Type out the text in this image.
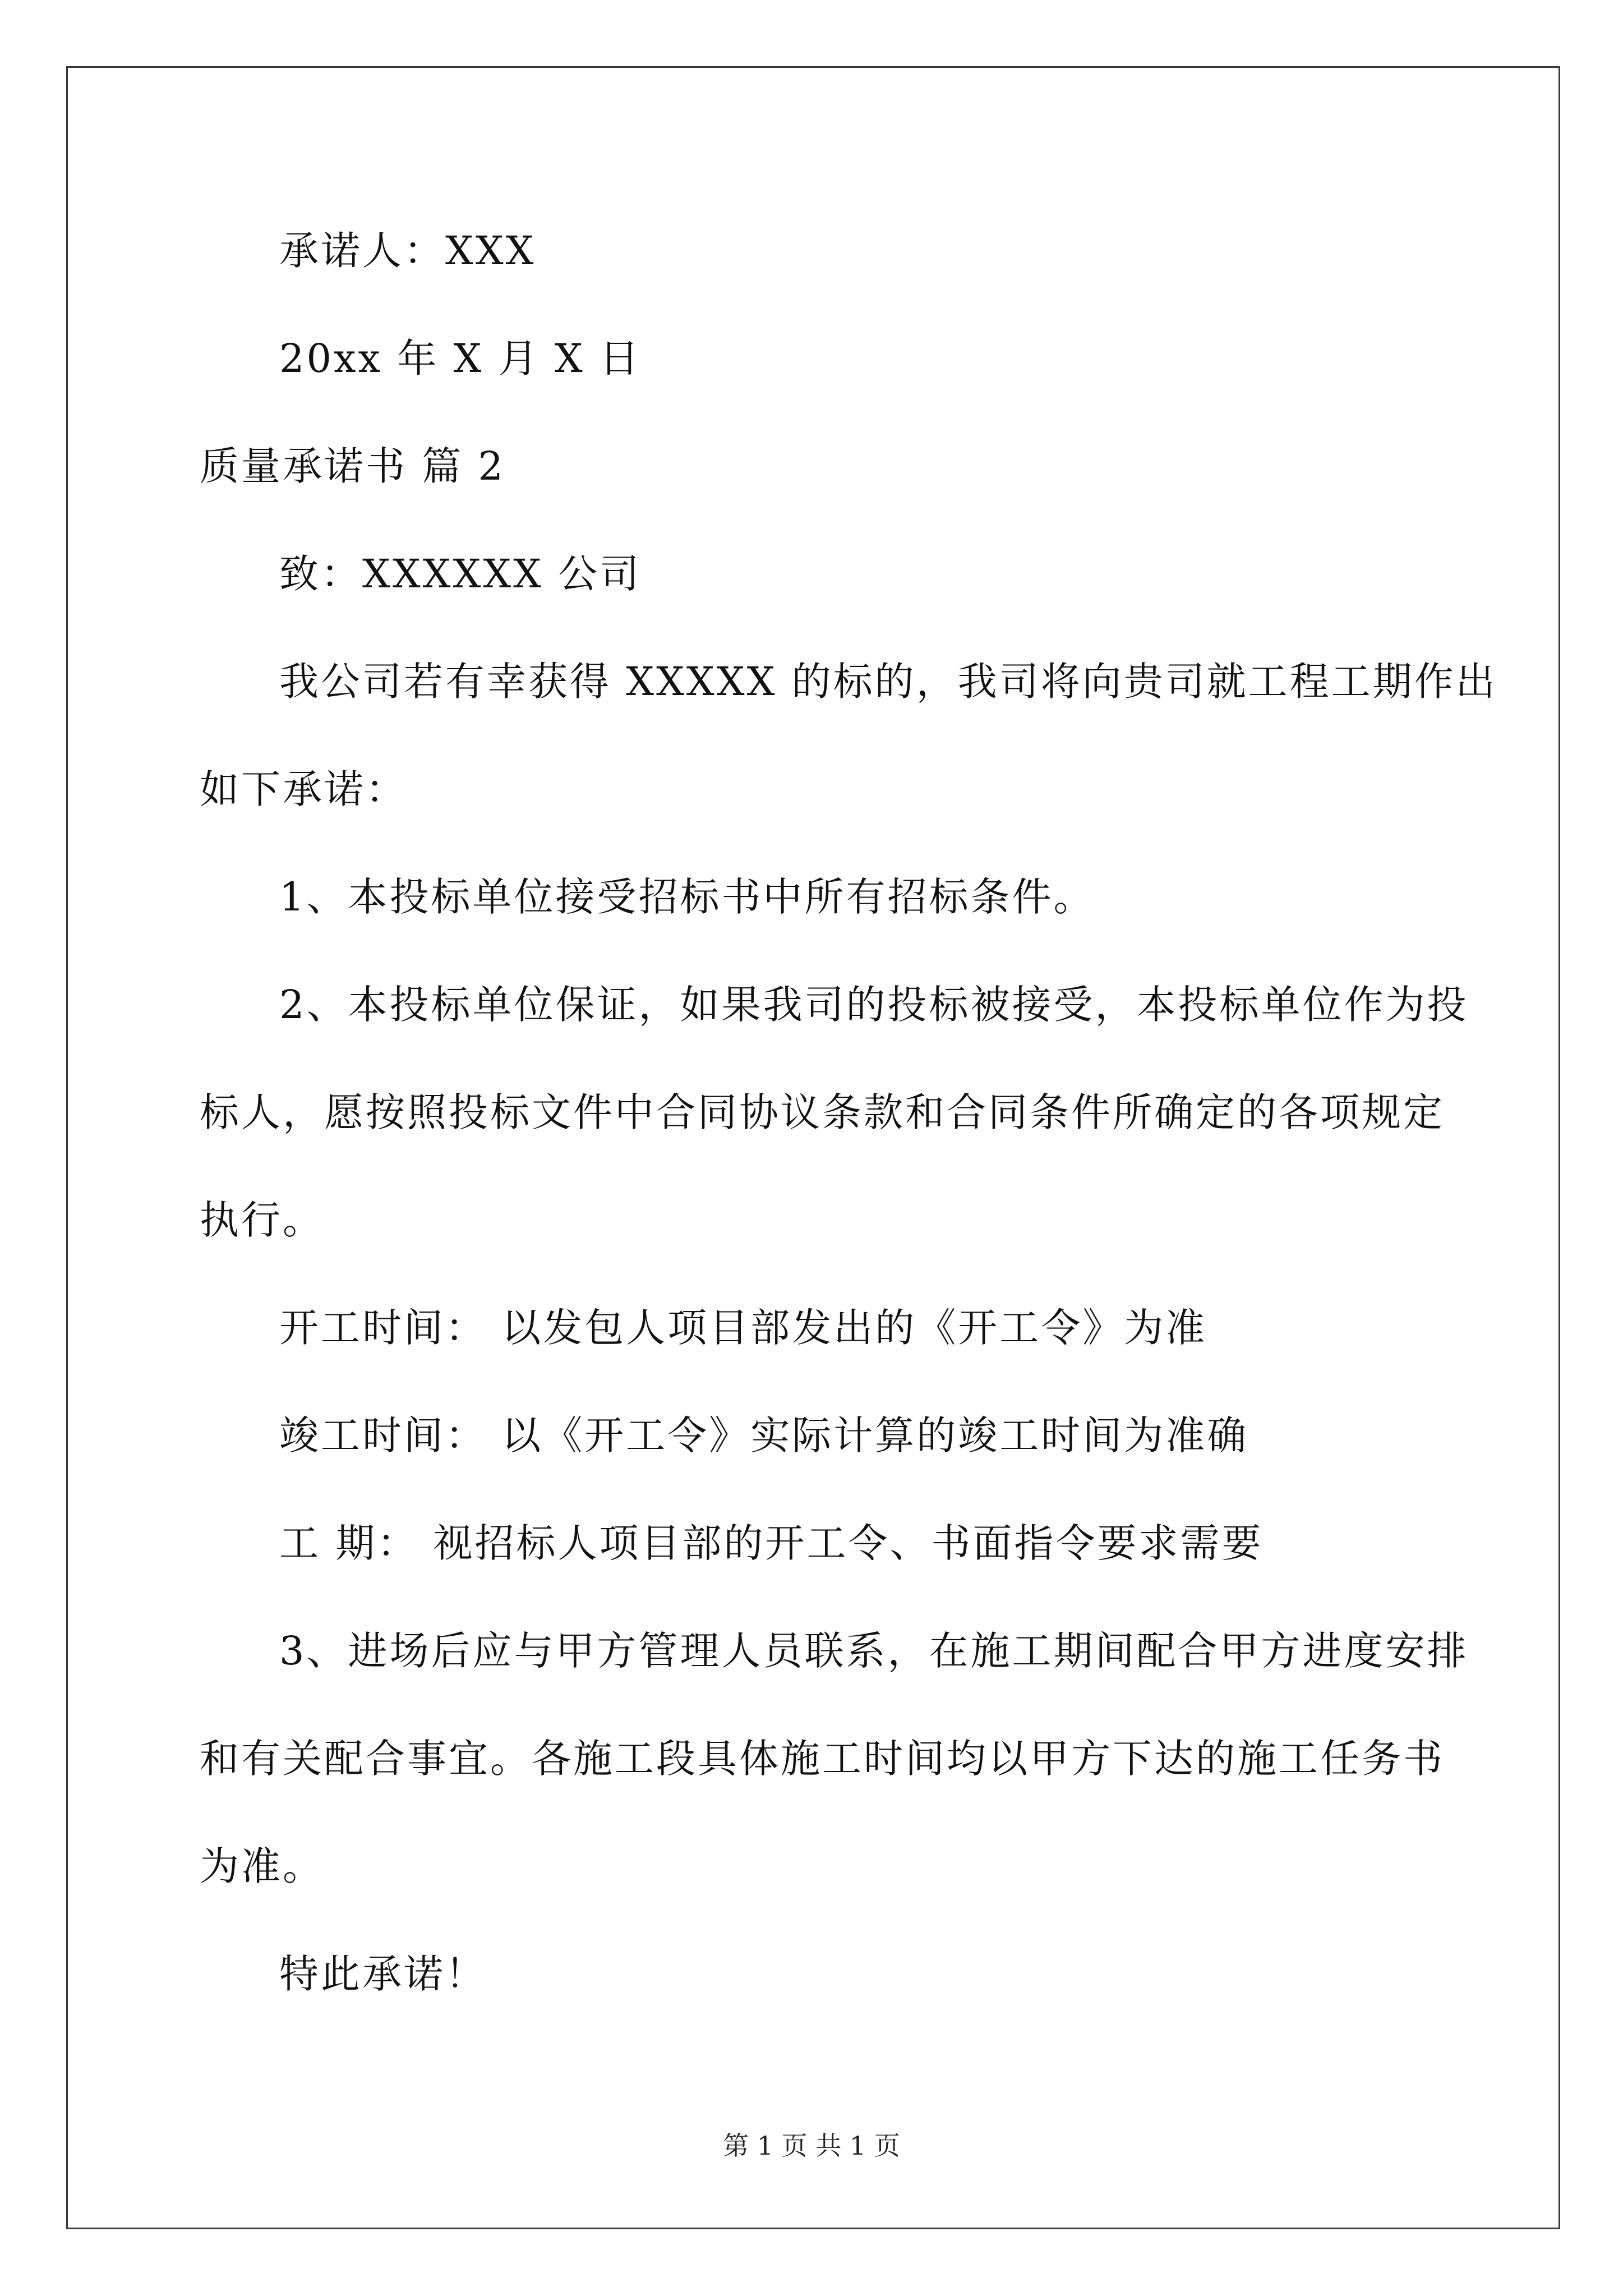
承诺人：XXX
20xx 年 X 月 X 日
质量承诺书 篇 2
致：XXXXXX 公司
我公司若有幸获得 XXXXX 的标的，我司将向贵司就工程工期作出
如下承诺：
1、本投标单位接受招标书中所有招标条件。
2、本投标单位保证，如果我司的投标被接受，本投标单位作为投
标人，愿按照投标文件中合同协议条款和合同条件所确定的各项规定
执行。
开工时间： 以发包人项目部发出的《开工令》为准
竣工时间： 以《开工令》实际计算的竣工时间为准确
工 期： 视招标人项目部的开工令、书面指令要求需要
3、进场后应与甲方管理人员联系，在施工期间配合甲方进度安排
和有关配合事宜。各施工段具体施工时间均以甲方下达的施工任务书
为准。
特此承诺！
第 1 页 共 1 页
